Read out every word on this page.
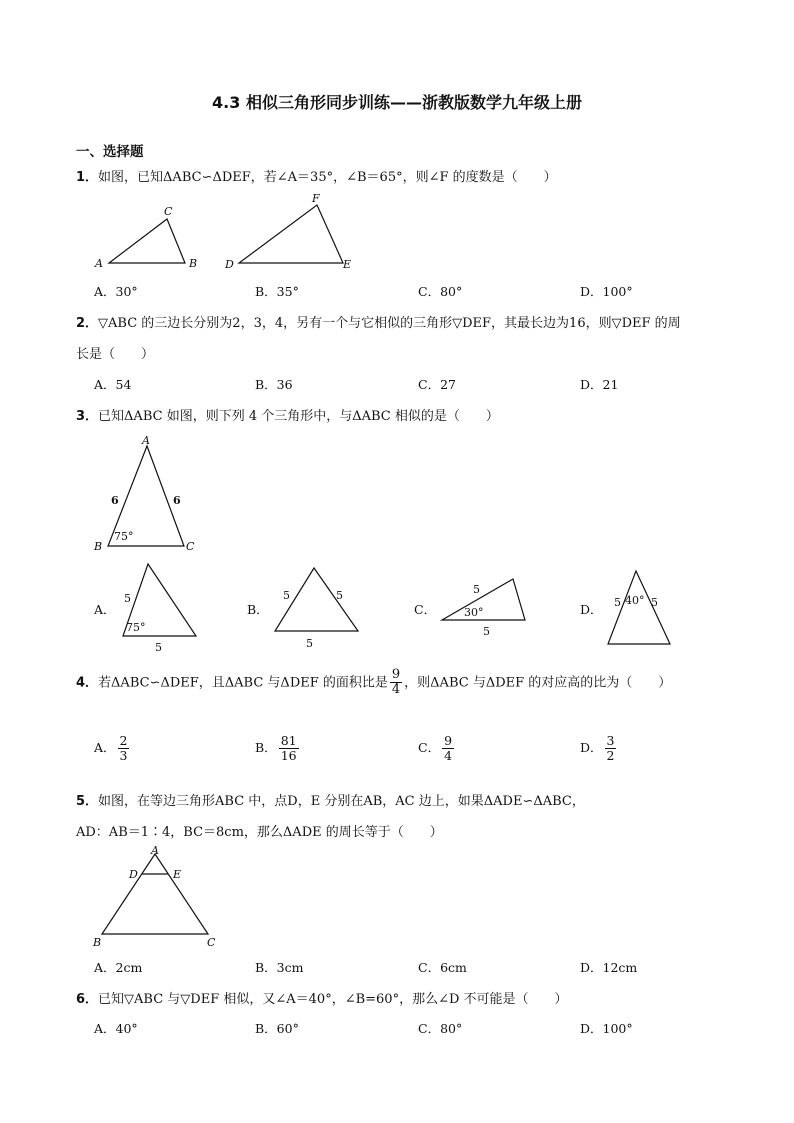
4.3 相似三角形同步训练——浙教版数学九年级上册
一、选择题
1．如图，已知ΔABC∽ΔDEF，若∠A＝35°，∠B＝65°，则∠F 的度数是（　　）
A	B
C
D	E
F
A．30°	B．35°	C．80°	D．100°
2．▽ABC 的三边长分别为2，3，4，另有一个与它相似的三角形▽DEF，其最长边为16，则▽DEF 的周
长是（　　）
A．54	B．36	C．27	D．21
3．已知ΔABC 如图，则下列 4 个三角形中，与ΔABC 相似的是（　　）
A
B	C
6	6
75°
A．
5
5
75°
B．
5	5
5
C．
5
30°
5
D． 5 40° 5
4．若ΔABC∽ΔDEF，且ΔABC 与ΔDEF 的面积比是 $\frac{9}{4}$ ，则ΔABC 与ΔDEF 的对应高的比为（　　）
A． $\frac{2}{3}$	B． $\frac{81}{16}$	C． $\frac{9}{4}$	D． $\frac{3}{2}$
5．如图，在等边三角形ABC 中，点D，E 分别在AB，AC 边上，如果ΔADE∽ΔABC，
AD：AB＝1∶4，BC＝8cm，那么ΔADE 的周长等于（　　）
A
B	C
D	E
A．2cm	B．3cm	C．6cm	D．12cm
6．已知▽ABC 与▽DEF 相似，又∠A＝40°，∠B=60°，那么∠D 不可能是（　　）
A．40°	B．60°	C．80°	D．100°
